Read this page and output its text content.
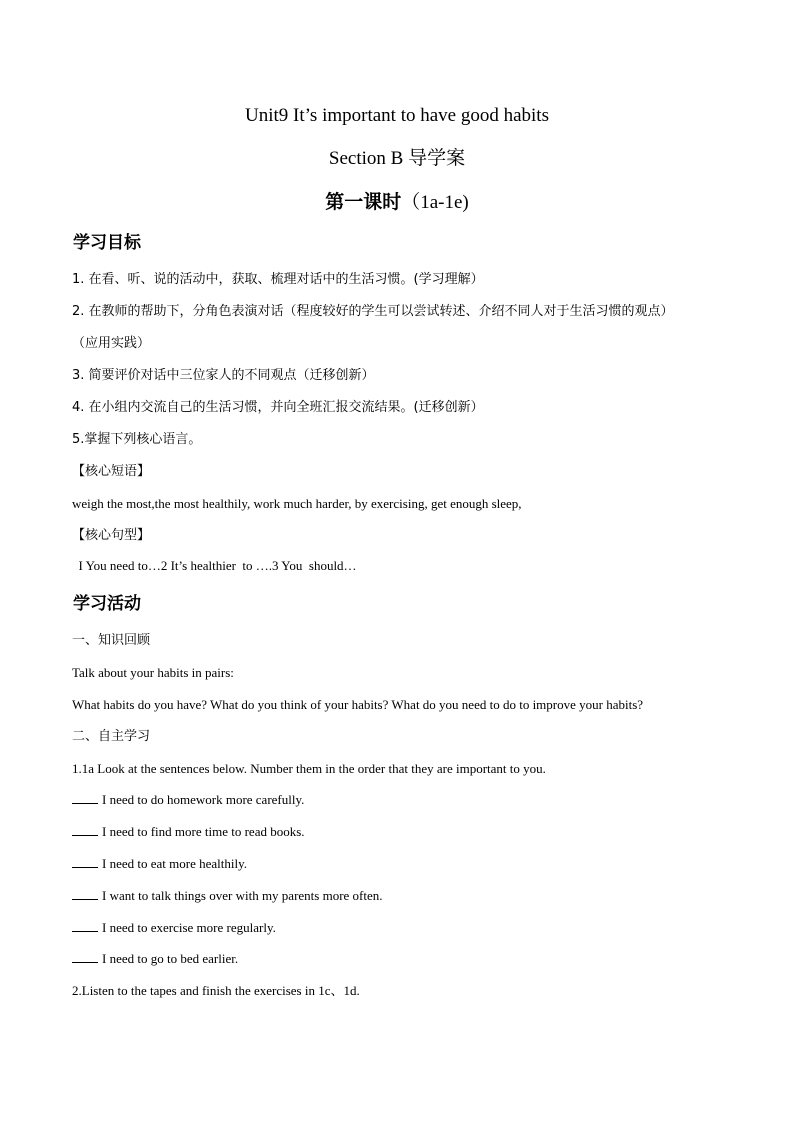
Unit9 It’s important to have good habits
Section B 导学案
第一课时（1a-1e)
学习目标
1. 在看、听、说的活动中，获取、梳理对话中的生活习惯。(学习理解）
2. 在教师的帮助下，分角色表演对话（程度较好的学生可以尝试转述、介绍不同人对于生活习惯的观点）
（应用实践）
3. 简要评价对话中三位家人的不同观点（迁移创新）
4. 在小组内交流自己的生活习惯，并向全班汇报交流结果。(迁移创新）
5.掌握下列核心语言。
【核心短语】
weigh the most,the most healthily, work much harder, by exercising, get enough sleep,
【核心句型】
I You need to…2 It’s healthier  to ….3 You  should…
学习活动
一、知识回顾
Talk about your habits in pairs:
What habits do you have? What do you think of your habits? What do you need to do to improve your habits?
二、自主学习
1.1a Look at the sentences below. Number them in the order that they are important to you.
I need to do homework more carefully.
I need to find more time to read books.
I need to eat more healthily.
I want to talk things over with my parents more often.
I need to exercise more regularly.
I need to go to bed earlier.
2.Listen to the tapes and finish the exercises in 1c、1d.
